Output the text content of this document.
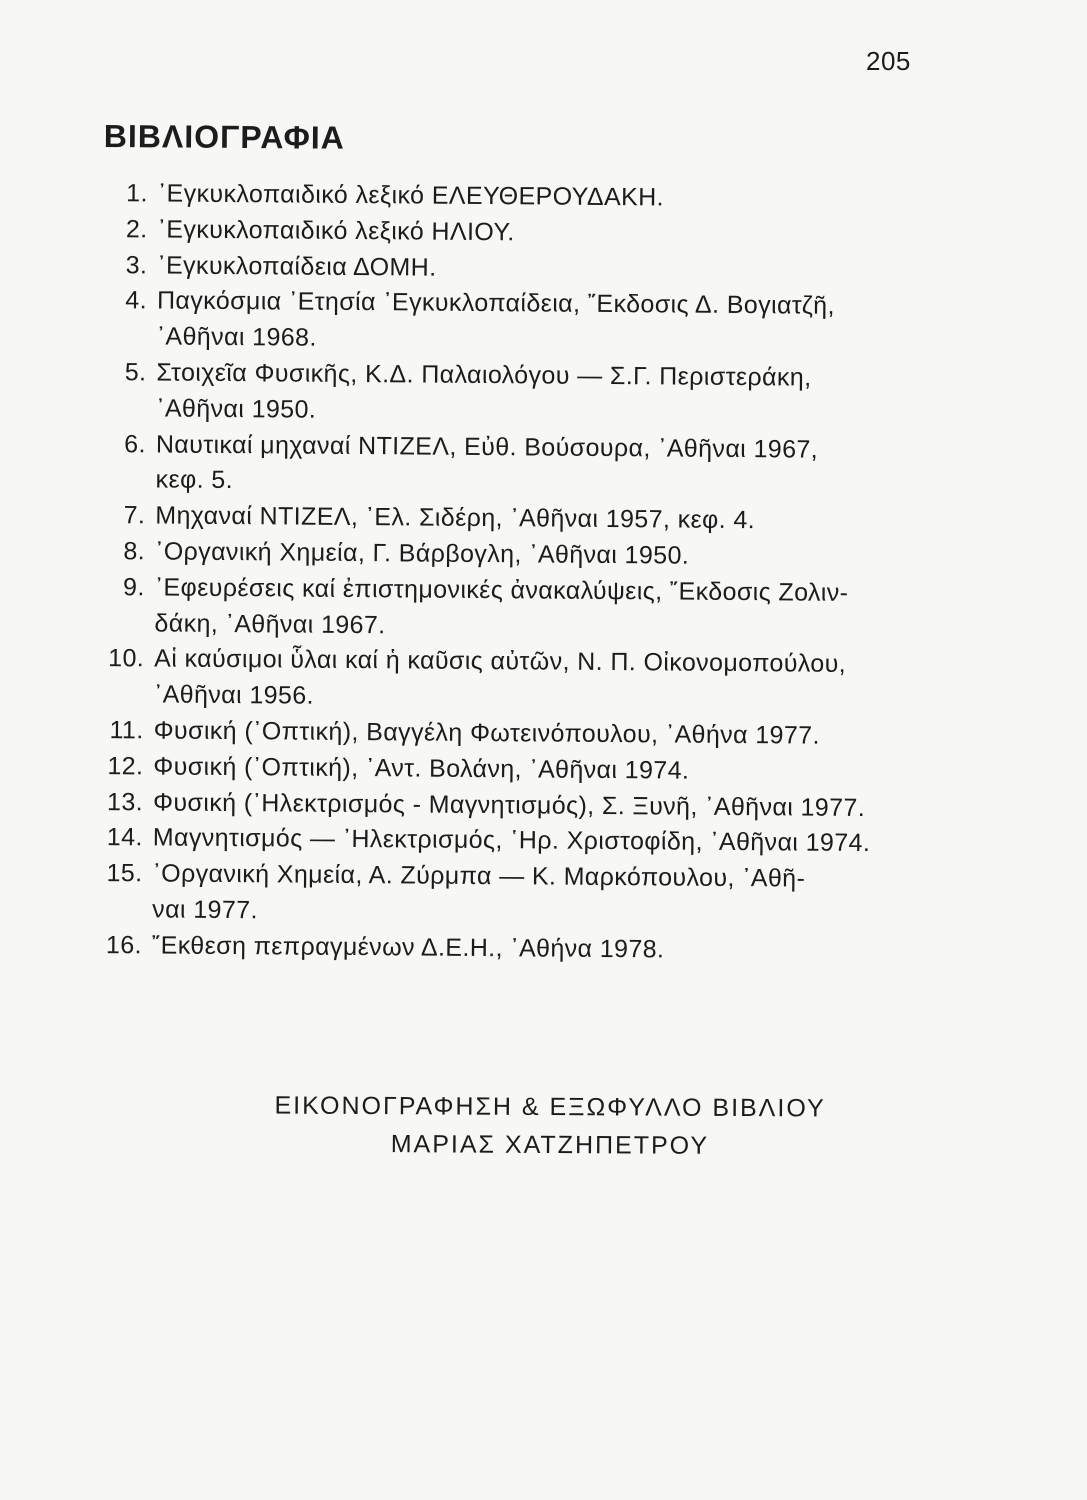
205
ΒΙΒΛΙΟΓΡΑΦΙΑ
1. ᾿Εγκυκλοπαιδικό λεξικό ΕΛΕΥΘΕΡΟΥΔΑΚΗ.
2. ᾿Εγκυκλοπαιδικό λεξικό ΗΛΙΟΥ.
3. ᾿Εγκυκλοπαίδεια ΔΟΜΗ.
4. Παγκόσμια ᾿Ετησία ᾿Εγκυκλοπαίδεια, ῎Εκδοσις Δ. Βογιατζῆ,
᾿Αθῆναι 1968.
5. Στοιχεῖα Φυσικῆς, Κ.Δ. Παλαιολόγου — Σ.Γ. Περιστεράκη,
᾿Αθῆναι 1950.
6. Ναυτικαί μηχαναί ΝΤΙΖΕΛ, Εὐθ. Βούσουρα, ᾿Αθῆναι 1967,
κεφ. 5.
7. Μηχαναί ΝΤΙΖΕΛ, ᾿Ελ. Σιδέρη, ᾿Αθῆναι 1957, κεφ. 4.
8. ᾿Οργανική Χημεία, Γ. Βάρβογλη, ᾿Αθῆναι 1950.
9. ᾿Εφευρέσεις καί ἐπιστημονικές ἀνακαλύψεις, ῎Εκδοσις Ζολιν-
δάκη, ᾿Αθῆναι 1967.
10. Αἱ καύσιμοι ὗλαι καί ἡ καῦσις αὐτῶν, Ν. Π. Οἰκονομοπούλου,
᾿Αθῆναι 1956.
11. Φυσική (᾿Οπτική), Βαγγέλη Φωτεινόπουλου, ᾿Αθήνα 1977.
12. Φυσική (᾿Οπτική), ᾿Αντ. Βολάνη, ᾿Αθῆναι 1974.
13. Φυσική (᾿Ηλεκτρισμός - Μαγνητισμός), Σ. Ξυνῆ, ᾿Αθῆναι 1977.
14. Μαγνητισμός — ᾿Ηλεκτρισμός, ῾Ηρ. Χριστοφίδη, ᾿Αθῆναι 1974.
15. ᾿Οργανική Χημεία, Α. Ζύρμπα — Κ. Μαρκόπουλου, ᾿Αθῆ-
ναι 1977.
16. ῎Εκθεση πεπραγμένων Δ.Ε.Η., ᾿Αθήνα 1978.
ΕΙΚΟΝΟΓΡΑΦΗΣΗ & ΕΞΩΦΥΛΛΟ ΒΙΒΛΙΟΥ
ΜΑΡΙΑΣ ΧΑΤΖΗΠΕΤΡΟΥ
